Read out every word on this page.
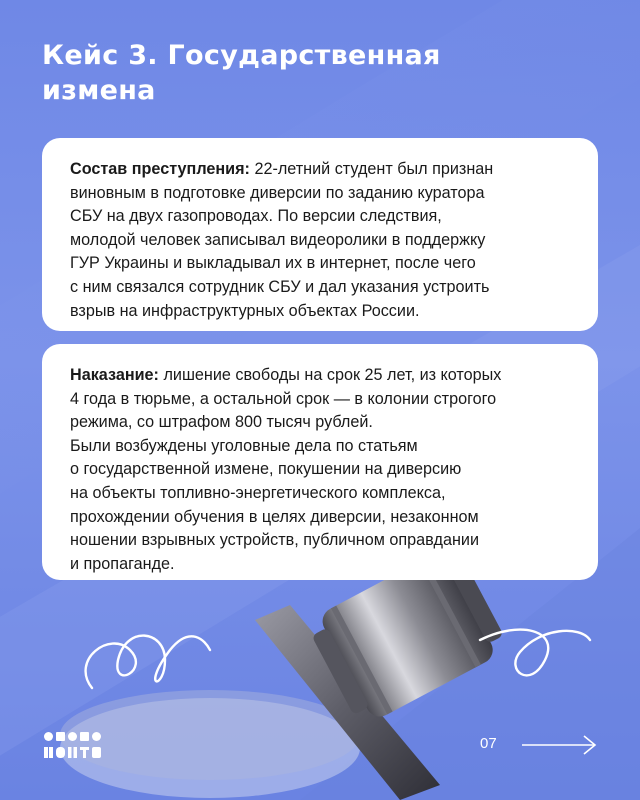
Кейс 3. Государственная
измена
Состав преступления: 22-летний студент был признан
виновным в подготовке диверсии по заданию куратора
СБУ на двух газопроводах. По версии следствия,
молодой человек записывал видеоролики в поддержку
ГУР Украины и выкладывал их в интернет, после чего
с ним связался сотрудник СБУ и дал указания устроить
взрыв на инфраструктурных объектах России.
Наказание: лишение свободы на срок 25 лет, из которых
4 года в тюрьме, а остальной срок — в колонии строгого
режима, со штрафом 800 тысяч рублей.
Были возбуждены уголовные дела по статьям
о государственной измене, покушении на диверсию
на объекты топливно-энергетического комплекса,
прохождении обучения в целях диверсии, незаконном
ношении взрывных устройств, публичном оправдании
и пропаганде.
07
